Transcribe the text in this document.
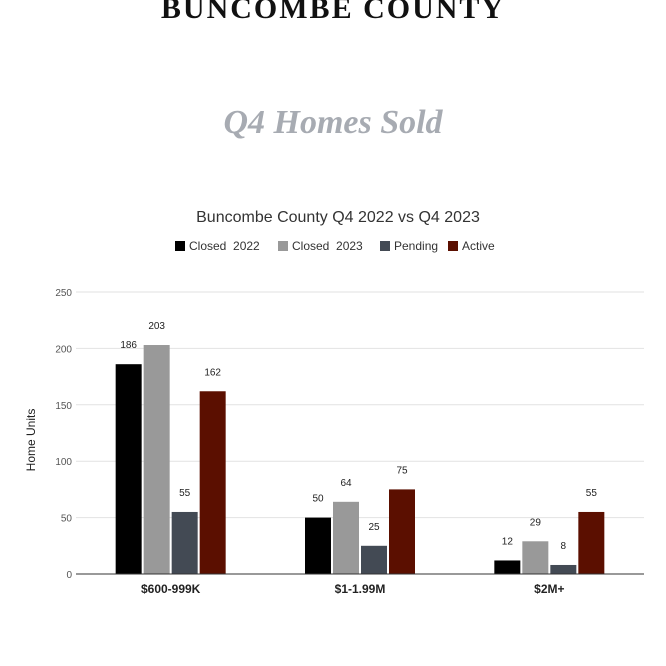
BUNCOMBE COUNTY
Q4 Homes Sold
Buncombe County Q4 2022 vs Q4 2023
Closed  2022	Closed  2023	Pending Active
0
50
100
150
200
250
Home Units
186
203
55
162
50
64
25
75
12
29
8
55
$600-999K	$1-1.99M	$2M+
